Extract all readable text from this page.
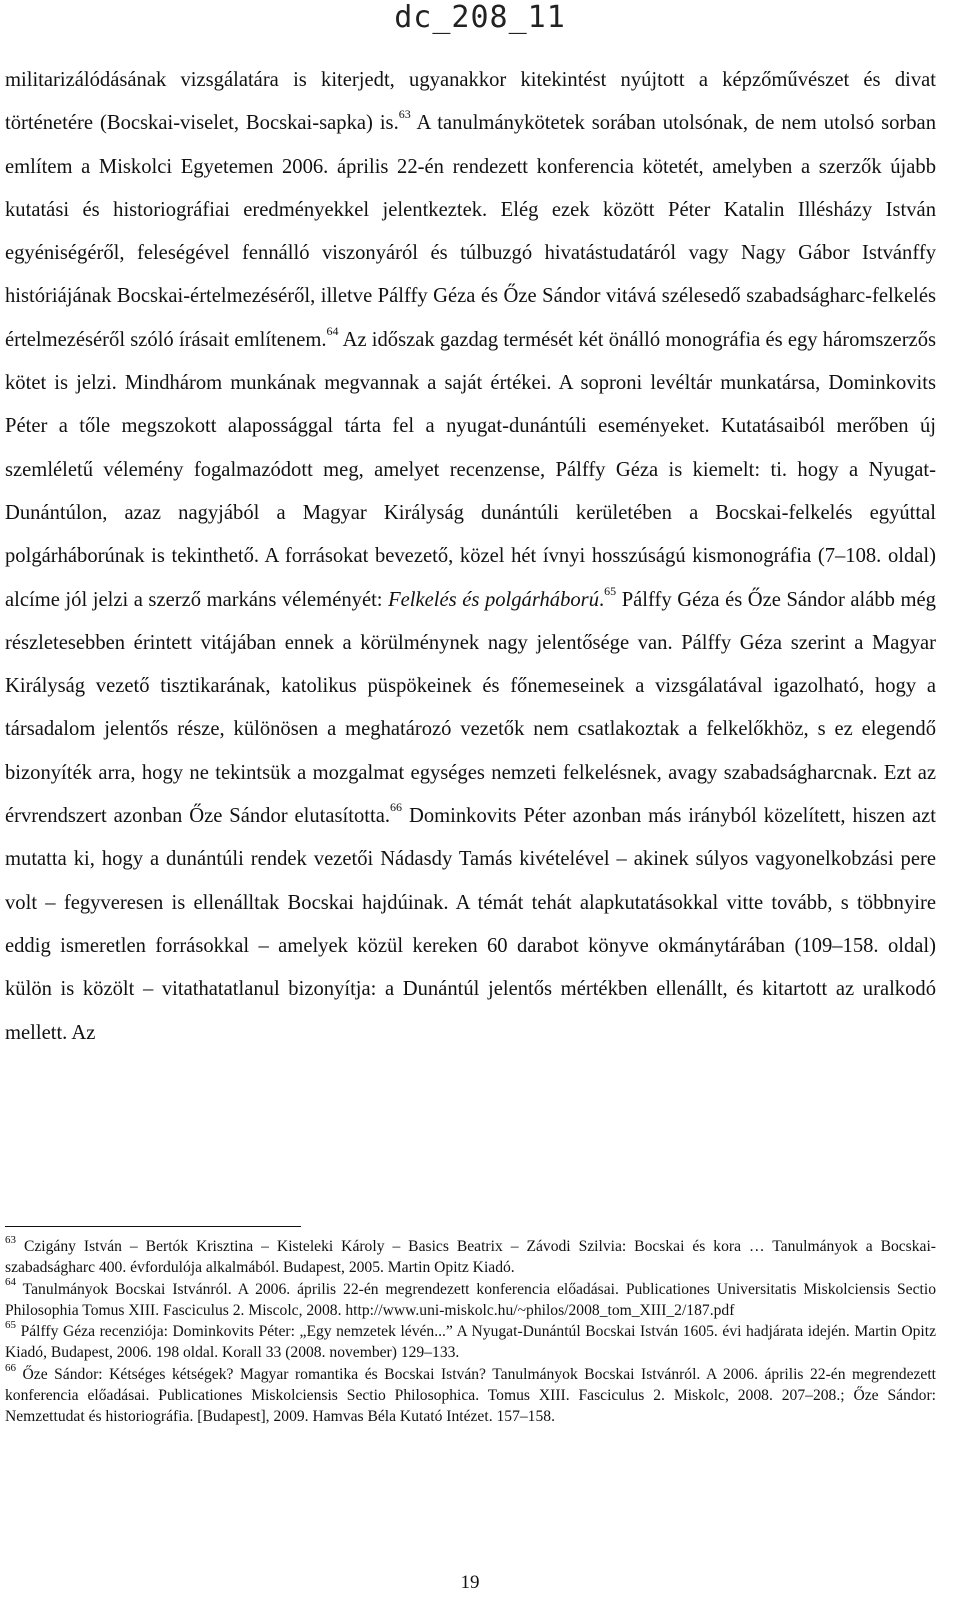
dc_208_11

militarizálódásának vizsgálatára is kiterjedt, ugyanakkor kitekintést nyújtott a képzőművészet és divat történetére (Bocskai-viselet, Bocskai-sapka) is.$^{63}$ A tanulmánykötetek sorában utolsónak, de nem utolsó sorban említem a Miskolci Egyetemen 2006. április 22-én rendezett konferencia kötetét, amelyben a szerzők újabb kutatási és historiográfiai eredményekkel jelentkeztek. Elég ezek között Péter Katalin Illésházy István egyéniségéről, feleségével fennálló viszonyáról és túlbuzgó hivatástudatáról vagy Nagy Gábor Istvánffy históriájának Bocskai-értelmezéséről, illetve Pálffy Géza és Őze Sándor vitává szélesedő szabadságharc-felkelés értelmezéséről szóló írásait említenem.$^{64}$ Az időszak gazdag termését két önálló monográfia és egy háromszerzős kötet is jelzi. Mindhárom munkának megvannak a saját értékei. A soproni levéltár munkatársa, Dominkovits Péter a tőle megszokott alapossággal tárta fel a nyugat-dunántúli eseményeket. Kutatásaiból merőben új szemléletű vélemény fogalmazódott meg, amelyet recenzense, Pálffy Géza is kiemelt: ti. hogy a Nyugat-Dunántúlon, azaz nagyjából a Magyar Királyság dunántúli kerületében a Bocskai-felkelés egyúttal polgárháborúnak is tekinthető. A forrásokat bevezető, közel hét ívnyi hosszúságú kismonográfia (7–108. oldal) alcíme jól jelzi a szerző markáns véleményét: Felkelés és polgárháború.$^{65}$ Pálffy Géza és Őze Sándor alább még részletesebben érintett vitájában ennek a körülménynek nagy jelentősége van. Pálffy Géza szerint a Magyar Királyság vezető tisztikarának, katolikus püspökeinek és főnemeseinek a vizsgálatával igazolható, hogy a társadalom jelentős része, különösen a meghatározó vezetők nem csatlakoztak a felkelőkhöz, s ez elegendő bizonyíték arra, hogy ne tekintsük a mozgalmat egységes nemzeti felkelésnek, avagy szabadságharcnak. Ezt az érvrendszert azonban Őze Sándor elutasította.$^{66}$ Dominkovits Péter azonban más irányból közelített, hiszen azt mutatta ki, hogy a dunántúli rendek vezetői Nádasdy Tamás kivételével – akinek súlyos vagyonelkobzási pere volt – fegyveresen is ellenálltak Bocskai hajdúinak. A témát tehát alapkutatásokkal vitte tovább, s többnyire eddig ismeretlen forrásokkal – amelyek közül kereken 60 darabot könyve okmánytárában (109–158. oldal) külön is közölt – vitathatatlanul bizonyítja: a Dunántúl jelentős mértékben ellenállt, és kitartott az uralkodó mellett. Az

$^{63}$ Czigány István – Bertók Krisztina – Kisteleki Károly – Basics Beatrix – Závodi Szilvia: Bocskai és kora … Tanulmányok a Bocskai-szabadságharc 400. évfordulója alkalmából. Budapest, 2005. Martin Opitz Kiadó.

$^{64}$ Tanulmányok Bocskai Istvánról. A 2006. április 22-én megrendezett konferencia előadásai. Publicationes Universitatis Miskolciensis Sectio Philosophia Tomus XIII. Fasciculus 2. Miscolc, 2008. http://www.uni-miskolc.hu/~philos/2008_tom_XIII_2/187.pdf

$^{65}$ Pálffy Géza recenziója: Dominkovits Péter: „Egy nemzetek lévén...” A Nyugat-Dunántúl Bocskai István 1605. évi hadjárata idején. Martin Opitz Kiadó, Budapest, 2006. 198 oldal. Korall 33 (2008. november) 129–133.

$^{66}$ Őze Sándor: Kétséges kétségek? Magyar romantika és Bocskai István? Tanulmányok Bocskai Istvánról. A 2006. április 22-én megrendezett konferencia előadásai. Publicationes Miskolciensis Sectio Philosophica. Tomus XIII. Fasciculus 2. Miskolc, 2008. 207–208.; Őze Sándor: Nemzettudat és historiográfia. [Budapest], 2009. Hamvas Béla Kutató Intézet. 157–158.

19
